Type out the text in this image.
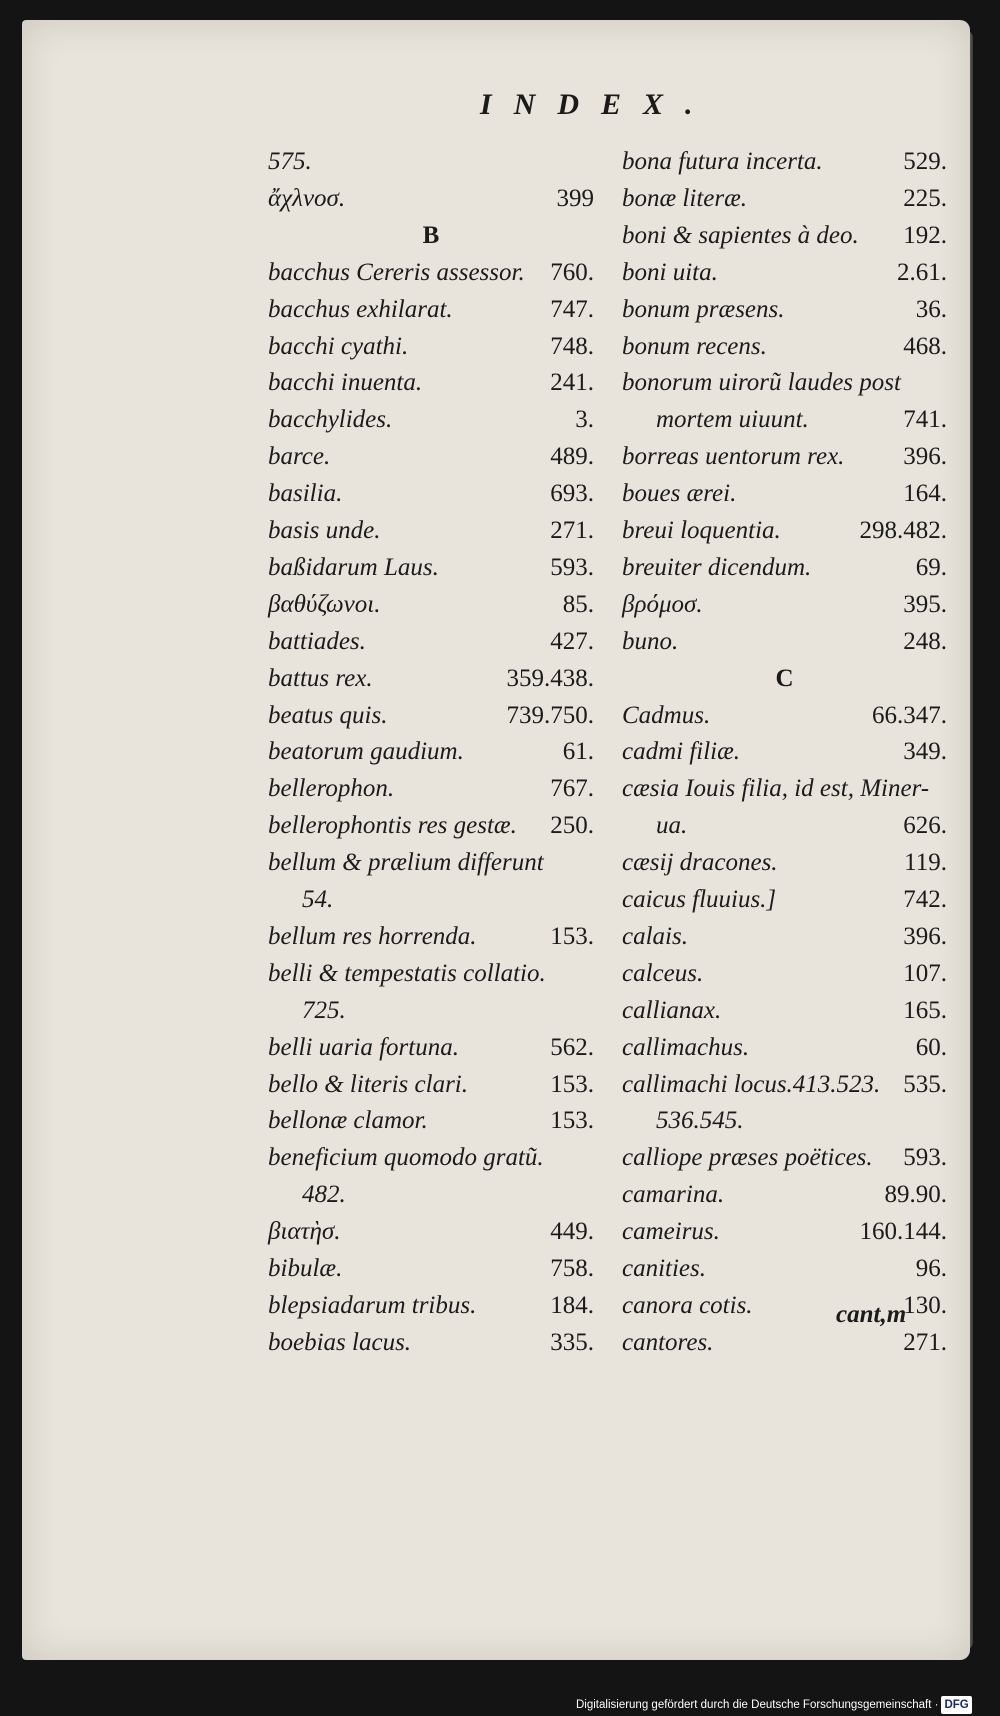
INDEX.
575.
ἄχλνοσ.	399
B
bacchus Cereris assessor. 760.
bacchus exhilarat.	747.
bacchi cyathi.	748.
bacchi inuenta.	241.
bacchylides.	3.
barce.	489.
basilia.	693.
basis unde.	271.
baßidarum Laus.	593.
βαθύζωνοι.	85.
battiades.	427.
battus rex.	359.438.
beatus quis.	739.750.
beatorum gaudium.	61.
bellerophon.	767.
bellerophontis res gestæ. 250.
bellum & prælium differunt
54.
bellum res horrenda.	153.
belli & tempestatis collatio.
725.
belli uaria fortuna.	562.
bello & literis clari.	153.
bellonæ clamor.	153.
beneficium quomodo gratũ.
482.
βιατὴσ.	449.
bibulæ.	758.
blepsiadarum tribus.	184.
boebias lacus.	335.
bona futura incerta.	529.
bonæ literæ.	225.
boni & sapientes à deo. 192.
boni uita.	2.61.
bonum præsens.	36.
bonum recens.	468.
bonorum uirorũ laudes post
mortem uiuunt.	741.
borreas uentorum rex. 396.
boues ærei.	164.
breui loquentia.	298.482.
breuiter dicendum.	69.
βρόμοσ.	395.
buno.	248.
C
Cadmus.	66.347.
cadmi filiæ.	349.
cæsia Iouis filia, id est, Miner-
ua.	626.
cæsij dracones.	119.
caicus fluuius.]	742.
calais.	396.
calceus.	107.
callianax.	165.
callimachus.	60.
callimachi locus.413.523. 535.
536.545.
calliope præses poëtices. 593.
camarina.	89.90.
cameirus.	160.144.
canities.	96.
canora cotis.	130.
cantores.	271.
cant,m
Digitalisierung gefördert durch die Deutsche Forschungsgemeinschaft · DFG
